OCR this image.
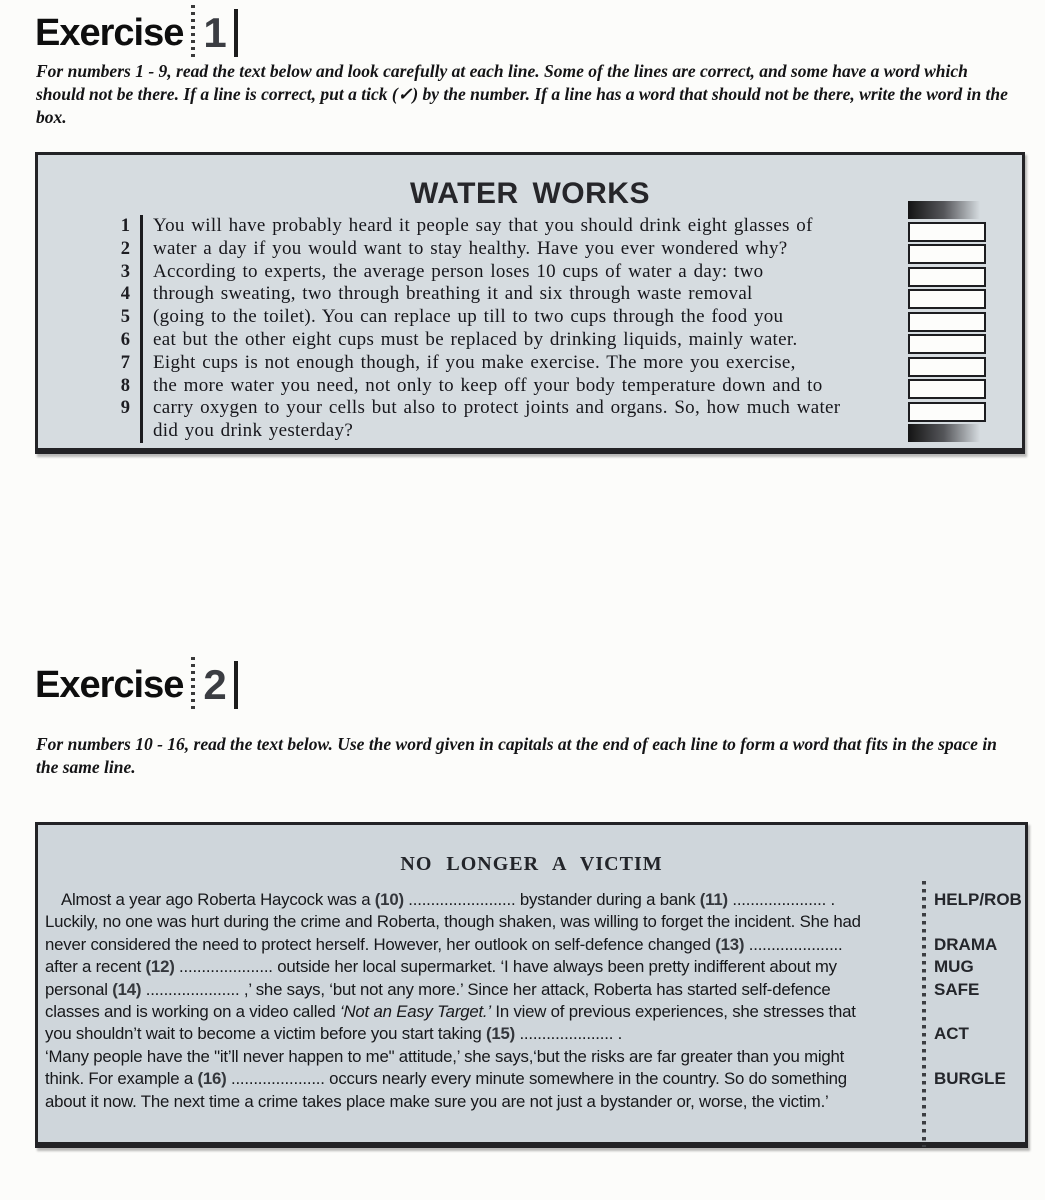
Exercise 1
For numbers 1 - 9, read the text below and look carefully at each line. Some of the lines are correct, and some have a word which should not be there. If a line is correct, put a tick (✓) by the number. If a line has a word that should not be there, write the word in the box.
WATER WORKS
1	You will have probably heard it people say that you should drink eight glasses of
2	water a day if you would want to stay healthy. Have you ever wondered why?
3	According to experts, the average person loses 10 cups of water a day: two
4	through sweating, two through breathing it and six through waste removal
5	(going to the toilet). You can replace up till to two cups through the food you
6	eat but the other eight cups must be replaced by drinking liquids, mainly water.
7	Eight cups is not enough though, if you make exercise. The more you exercise,
8	the more water you need, not only to keep off your body temperature down and to
9	carry oxygen to your cells but also to protect joints and organs. So, how much water
did you drink yesterday?
Exercise 2
For numbers 10 - 16, read the text below. Use the word given in capitals at the end of each line to form a word that fits in the space in the same line.
NO LONGER A VICTIM
Almost a year ago Roberta Haycock was a (10) ........................ bystander during a bank (11) ..................... .
Luckily, no one was hurt during the crime and Roberta, though shaken, was willing to forget the incident. She had
never considered the need to protect herself. However, her outlook on self-defence changed (13) .....................
after a recent (12) ..................... outside her local supermarket. ‘I have always been pretty indifferent about my
personal (14) ..................... ,’ she says, ‘but not any more.’ Since her attack, Roberta has started self-defence
classes and is working on a video called ‘Not an Easy Target.’ In view of previous experiences, she stresses that
you shouldn’t wait to become a victim before you start taking (15) ..................... .
‘Many people have the "it’ll never happen to me" attitude,’ she says,‘but the risks are far greater than you might
think. For example a (16) ..................... occurs nearly every minute somewhere in the country. So do something
about it now. The next time a crime takes place make sure you are not just a bystander or, worse, the victim.’
HELP/ROB
DRAMA
MUG
SAFE
ACT
BURGLE
